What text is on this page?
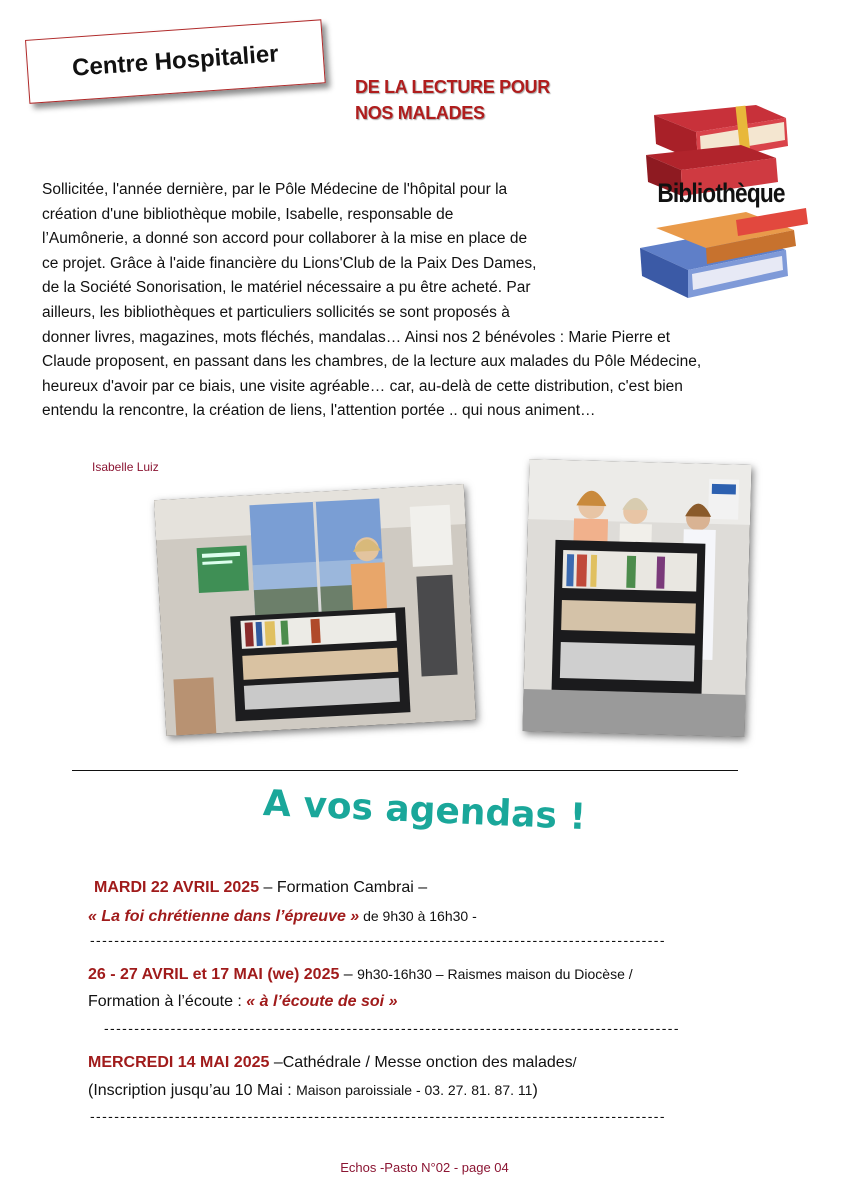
Centre Hospitalier
DE LA LECTURE POUR
NOS MALADES
Bibliothèque
Sollicitée, l'année dernière, par le Pôle Médecine de l'hôpital pour la
création d'une bibliothèque mobile, Isabelle, responsable de
l’Aumônerie, a donné son accord pour collaborer à la mise en place de
ce projet. Grâce à l'aide financière du Lions'Club de la Paix Des Dames,
de la Société Sonorisation, le matériel nécessaire a pu être acheté. Par
ailleurs, les bibliothèques et particuliers sollicités se sont proposés à
donner livres, magazines, mots fléchés, mandalas… Ainsi nos 2 bénévoles : Marie Pierre et
Claude proposent, en passant dans les chambres, de la lecture aux malades du Pôle Médecine,
heureux d'avoir par ce biais, une visite agréable… car, au-delà de cette distribution, c'est bien
entendu la rencontre, la création de liens, l'attention portée .. qui nous animent…
Isabelle Luiz
A vos agendas !
MARDI 22 AVRIL 2025 – Formation Cambrai –
« La foi chrétienne dans l’épreuve » de 9h30 à 16h30 -
-----------------------------------------------------------------------------------------------
26 - 27 AVRIL et 17 MAI (we) 2025 – 9h30-16h30 – Raismes maison du Diocèse /
Formation à l’écoute : « à l’écoute de soi »
-----------------------------------------------------------------------------------------------
MERCREDI 14 MAI 2025 –Cathédrale / Messe onction des malades/
(Inscription jusqu’au 10 Mai : Maison paroissiale - 03. 27. 81. 87. 11)
-----------------------------------------------------------------------------------------------
Echos -Pasto N°02 - page 04
